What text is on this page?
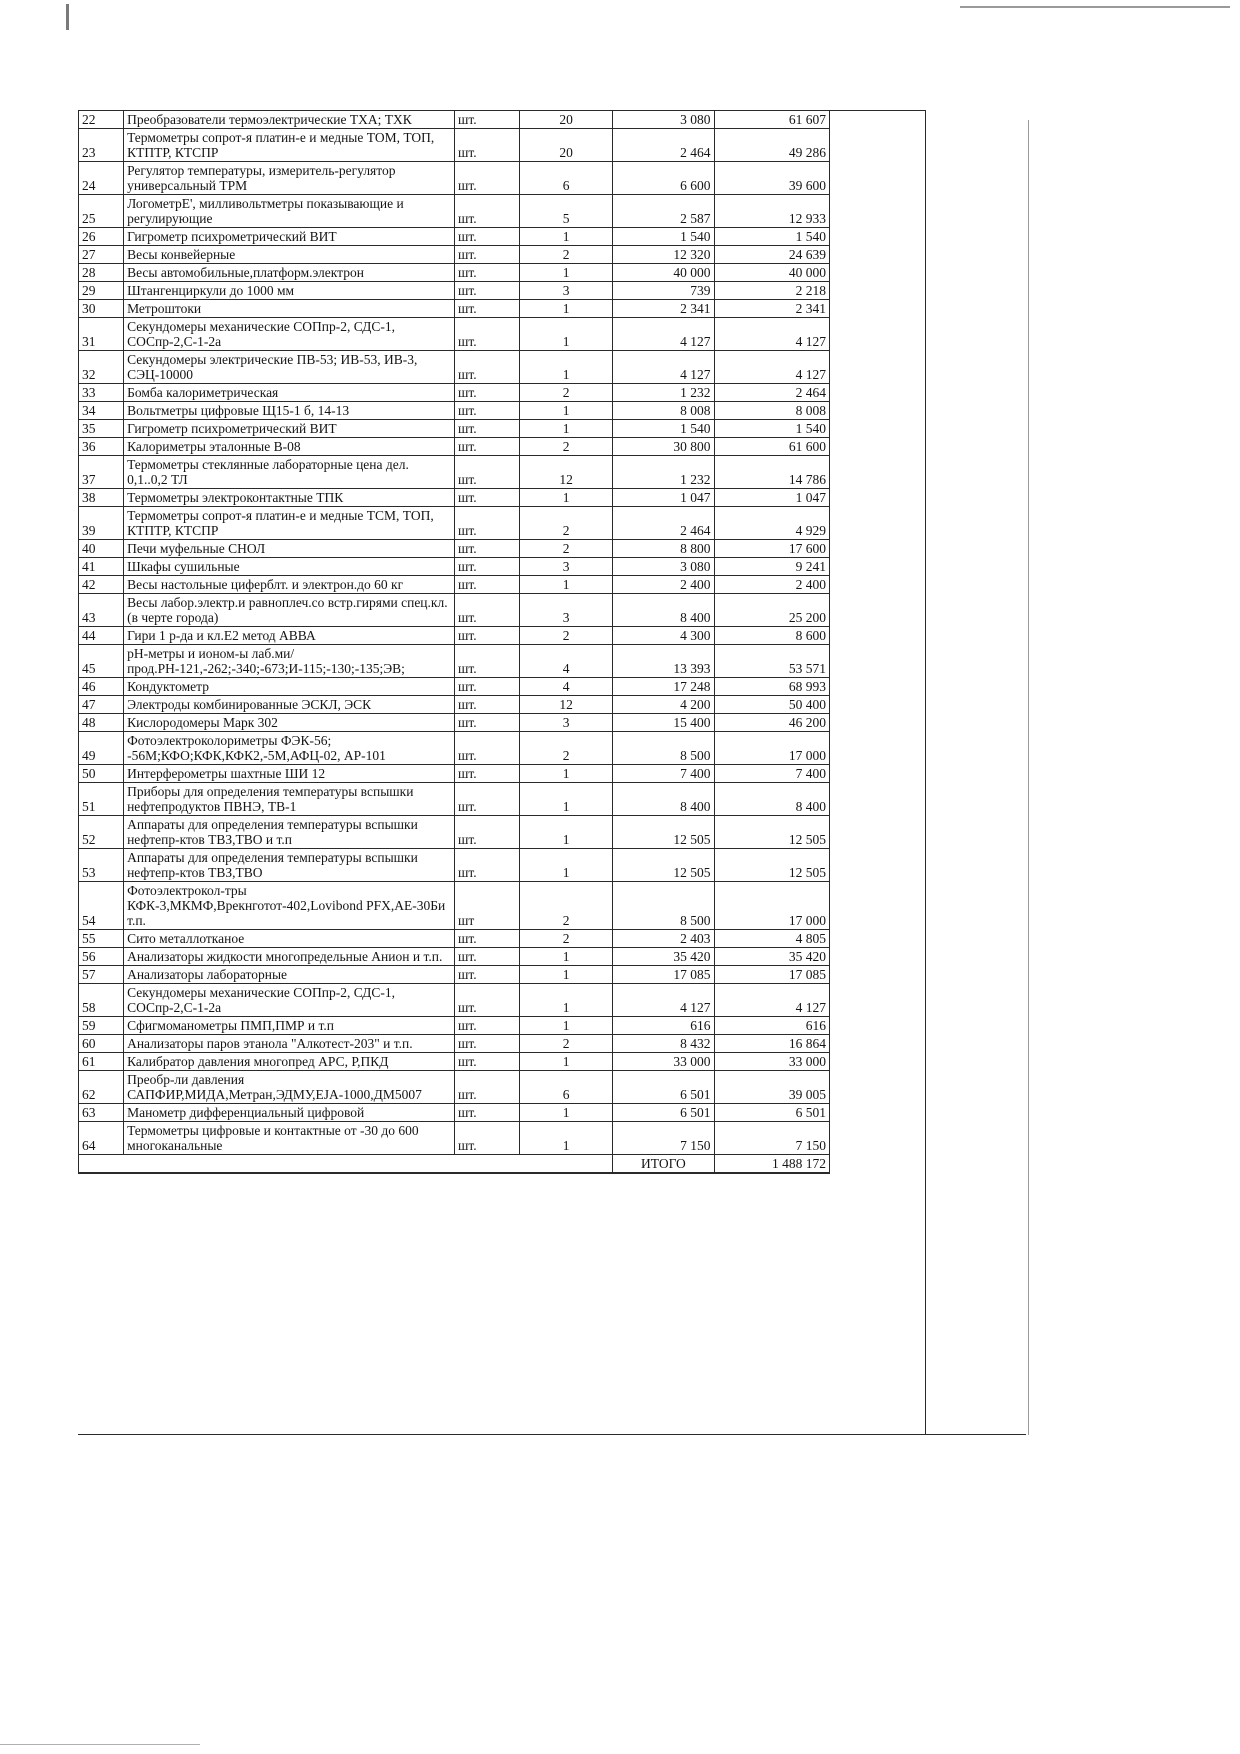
22	Преобразователи термоэлектрические ТХА; ТХК	шт.	20	3 080	61 607
23	Термометры сопрот-я платин-е и медные ТОМ, ТОП, КТПТР, КТСПР	шт.	20	2 464	49 286
24	Регулятор температуры, измеритель-регулятор универсальный ТРМ	шт.	6	6 600	39 600
25	ЛогометрЕ', милливольтметры показывающие и регулирующие	шт.	5	2 587	12 933
26	Гигрометр психрометрический ВИТ	шт.	1	1 540	1 540
27	Весы конвейерные	шт.	2	12 320	24 639
28	Весы автомобильные,платформ.электрон	шт.	1	40 000	40 000
29	Штангенциркули до 1000 мм	шт.	3	739	2 218
30	Метроштоки	шт.	1	2 341	2 341
31	Секундомеры механические СОПпр-2, СДС-1, СОСпр-2,С-1-2а	шт.	1	4 127	4 127
32	Секундомеры электрические ПВ-53; ИВ-53, ИВ-3, СЭЦ-10000	шт.	1	4 127	4 127
33	Бомба калориметрическая	шт.	2	1 232	2 464
34	Вольтметры цифровые Щ15-1 б, 14-13	шт.	1	8 008	8 008
35	Гигрометр психрометрический ВИТ	шт.	1	1 540	1 540
36	Калориметры эталонные В-08	шт.	2	30 800	61 600
37	Термометры стеклянные лабораторные цена дел. 0,1..0,2 ТЛ	шт.	12	1 232	14 786
38	Термометры электроконтактные ТПК	шт.	1	1 047	1 047
39	Термометры сопрот-я платин-е и медные ТСМ, ТОП, КТПТР, КТСПР	шт.	2	2 464	4 929
40	Печи муфельные СНОЛ	шт.	2	8 800	17 600
41	Шкафы сушильные	шт.	3	3 080	9 241
42	Весы настольные циферблт. и электрон.до 60 кг	шт.	1	2 400	2 400
43	Весы лабор.электр.и равноплеч.со встр.гирями спец.кл.(в черте города)	шт.	3	8 400	25 200
44	Гири 1 р-да и кл.Е2 метод АВВА	шт.	2	4 300	8 600
45	рН-метры и ионом-ы лаб.ми/прод.РН-121,-262;-340;-673;И-115;-130;-135;ЭВ;	шт.	4	13 393	53 571
46	Кондуктометр	шт.	4	17 248	68 993
47	Электроды комбинированные ЭСКЛ, ЭСК	шт.	12	4 200	50 400
48	Кислородомеры Марк 302	шт.	3	15 400	46 200
49	Фотоэлектроколориметры ФЭК-56; -56М;КФО;КФК,КФК2,-5М,АФЦ-02, АР-101	шт.	2	8 500	17 000
50	Интерферометры шахтные ШИ 12	шт.	1	7 400	7 400
51	Приборы для определения температуры вспышки нефтепродуктов ПВНЭ, ТВ-1	шт.	1	8 400	8 400
52	Аппараты для определения температуры вспышки нефтепр-ктов ТВЗ,ТВО и т.п	шт.	1	12 505	12 505
53	Аппараты для определения температуры вспышки нефтепр-ктов ТВЗ,ТВО	шт.	1	12 505	12 505
54	Фотоэлектрокол-тры КФК-3,МКМФ,Врекнготот-402,Lovibond PFX,AE-30Би т.п.	шт	2	8 500	17 000
55	Сито металлотканое	шт.	2	2 403	4 805
56	Анализаторы жидкости многопредельные Анион и т.п.	шт.	1	35 420	35 420
57	Анализаторы лабораторные	шт.	1	17 085	17 085
58	Секундомеры механические СОПпр-2, СДС-1, СОСпр-2,С-1-2а	шт.	1	4 127	4 127
59	Сфигмоманометры ПМП,ПМР и т.п	шт.	1	616	616
60	Анализаторы паров этанола "Алкотест-203" и т.п.	шт.	2	8 432	16 864
61	Калибратор давления многопред АРС, Р,ПКД	шт.	1	33 000	33 000
62	Преобр-ли давления САПФИР,МИДА,Метран,ЭДМУ,EJA-1000,ДМ5007	шт.	6	6 501	39 005
63	Манометр дифференциальный цифровой	шт.	1	6 501	6 501
64	Термометры цифровые и контактные от -30 до 600 многоканальные	шт.	1	7 150	7 150
				ИТОГО	1 488 172
